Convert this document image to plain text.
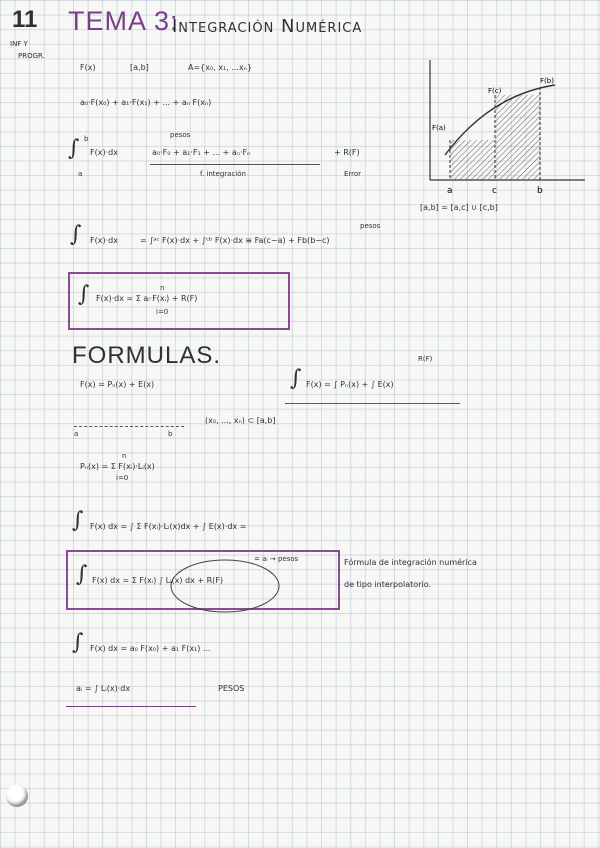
11
INF Y
PROGR.
TEMA 3:
Integración Numérica
F(x)	[a,b]	A={x₀, x₁, ...xₙ}
a₀·F(x₀) + a₁·F(x₁) + ... + aₙ F(xₙ)
∫ b
a
F(x)·dx
pesos
a₀·F₀ + a₁·F₁ + ... + aₙ·Fₙ	+ R(F)
f. integración	Error
∫ F(x)·dx	= ∫ᵃᶜ F(x)·dx + ∫ᶜᵇ F(x)·dx ≅ Fa(c−a) + Fb(b−c)
pesos
∫ F(x)·dx = Σ aᵢ·F(xᵢ) + R(F)
i=0
n
F(b)
F(c)
F(a)
a	c	b
[a,b] = [a,c] ∪ [c,b]
FORMULAS.
F(x) = Pₙ(x) + E(x)	∫ F(x) = ∫ Pₙ(x) + ∫ E(x)
R(F)
a	b
(x₀, ..., xₙ) ⊂ [a,b]
Pₙ(x) = Σ F(xᵢ)·Lᵢ(x)
n
i=0
∫ F(x) dx = ∫ Σ F(xᵢ)·Lᵢ(x)dx + ∫ E(x)·dx =
∫ F(x) dx = Σ F(xᵢ) ∫ Lᵢ(x) dx + R(F)
= aᵢ → pesos	Fórmula de integración numérica
de tipo interpolatorio.
∫ F(x) dx = a₀ F(x₀) + a₁ F(x₁) ...
aᵢ = ∫ Lᵢ(x)·dx	PESOS
